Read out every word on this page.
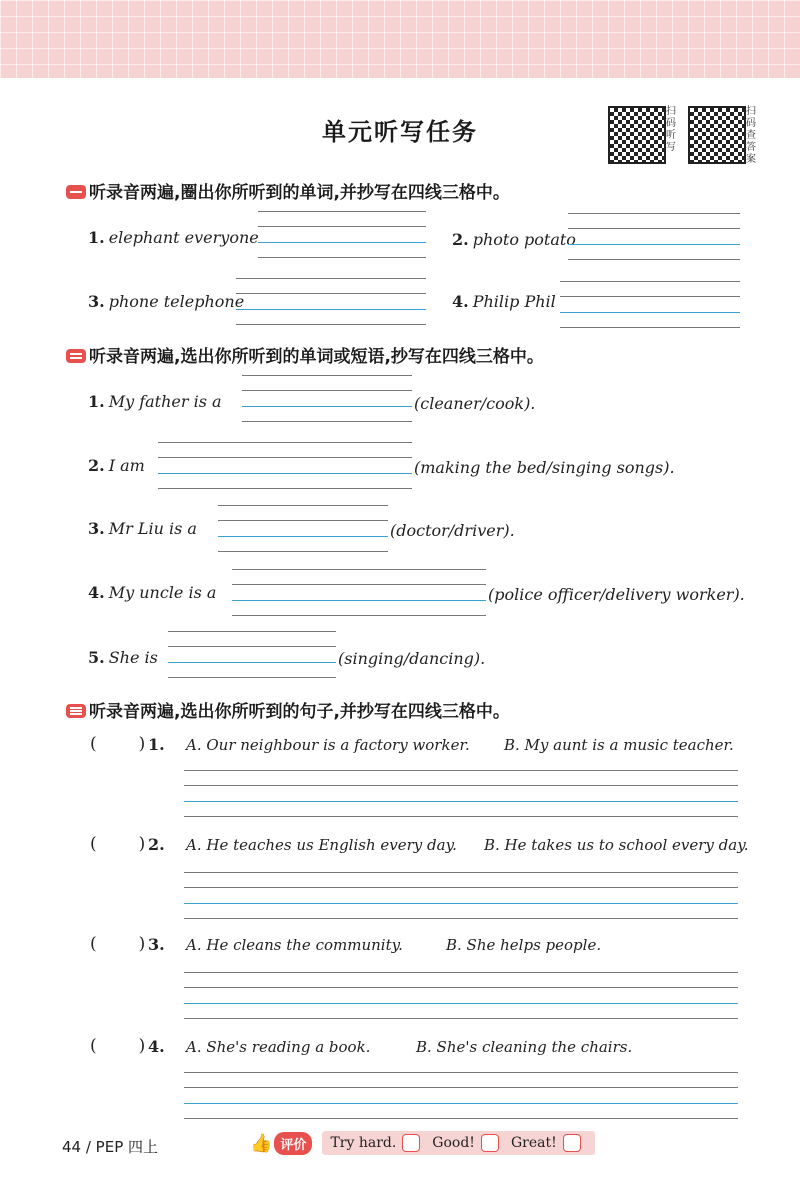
单元听写任务
扫码听写
扫码查答案
听录音两遍,圈出你所听到的单词,并抄写在四线三格中。
1. elephant everyone	2. photo potato
3. phone telephone	4. Philip Phil
听录音两遍,选出你所听到的单词或短语,抄写在四线三格中。
1. My father is a	(cleaner/cook).
2. I am	(making the bed/singing songs).
3. Mr Liu is a	(doctor/driver).
4. My uncle is a	(police officer/delivery worker).
5. She is	(singing/dancing).
听录音两遍,选出你所听到的句子,并抄写在四线三格中。
( ) 1. A. Our neighbour is a factory worker. B. My aunt is a music teacher.
( ) 2. A. He teaches us English every day. B. He takes us to school every day.
( ) 3. A. He cleans the community.	B. She helps people.
( ) 4. A. She's reading a book.	B. She's cleaning the chairs.
44 / PEP 四上	👍 评价	Try hard.	Good!	Great!
